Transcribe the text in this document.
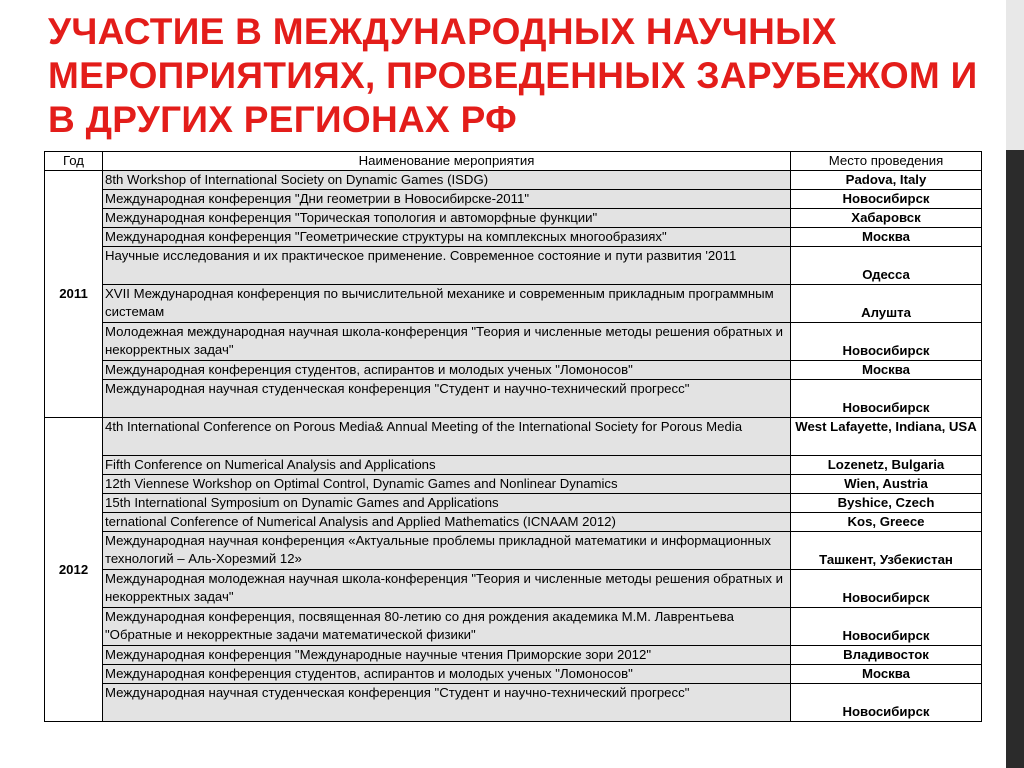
УЧАСТИЕ В МЕЖДУНАРОДНЫХ НАУЧНЫХ МЕРОПРИЯТИЯХ, ПРОВЕДЕННЫХ ЗАРУБЕЖОМ И В ДРУГИХ РЕГИОНАХ РФ
Год	Наименование мероприятия	Место проведения
2011	8th Workshop of International Society on Dynamic Games (ISDG)	Padova, Italy
	Международная конференция "Дни геометрии в Новосибирске-2011"	Новосибирск
	Международная конференция "Торическая топология и автоморфные функции"	Хабаровск
	Международная конференция "Геометрические структуры на комплексных многообразиях"	Москва
	Научные исследования и их практическое применение. Современное состояние и пути развития '2011	Одесса
	XVII Международная конференция по вычислительной механике и современным прикладным программным системам	Алушта
	Молодежная международная научная школа-конференция "Теория и численные методы решения обратных и некорректных задач"	Новосибирск
	Международная конференция студентов, аспирантов и молодых ученых "Ломоносов"	Москва
	Международная научная студенческая конференция "Студент и научно-технический прогресс"	Новосибирск
2012	4th International Conference on Porous Media& Annual Meeting of the International Society for Porous Media	West Lafayette, Indiana, USA
	Fifth Conference on Numerical Analysis and Applications	Lozenetz, Bulgaria
	12th Viennese Workshop on Optimal Control, Dynamic Games and Nonlinear Dynamics	Wien, Austria
	15th International Symposium on Dynamic Games and Applications	Byshice, Czech
	ternational Conference of Numerical Analysis and Applied Mathematics (ICNAAM 2012)	Kos, Greece
	Международная научная конференция «Актуальные проблемы прикладной математики и информационных технологий – Аль-Хорезмий 12»	Ташкент, Узбекистан
	Международная молодежная научная школа-конференция "Теория и численные методы решения обратных и некорректных задач"	Новосибирск
	Международная конференция, посвященная 80-летию со дня рождения академика М.М. Лаврентьева "Обратные и некорректные задачи математической физики"	Новосибирск
	Международная конференция "Международные научные чтения Приморские зори 2012"	Владивосток
	Международная конференция студентов, аспирантов и молодых ученых "Ломоносов"	Москва
	Международная научная студенческая конференция "Студент и научно-технический прогресс"	Новосибирск
